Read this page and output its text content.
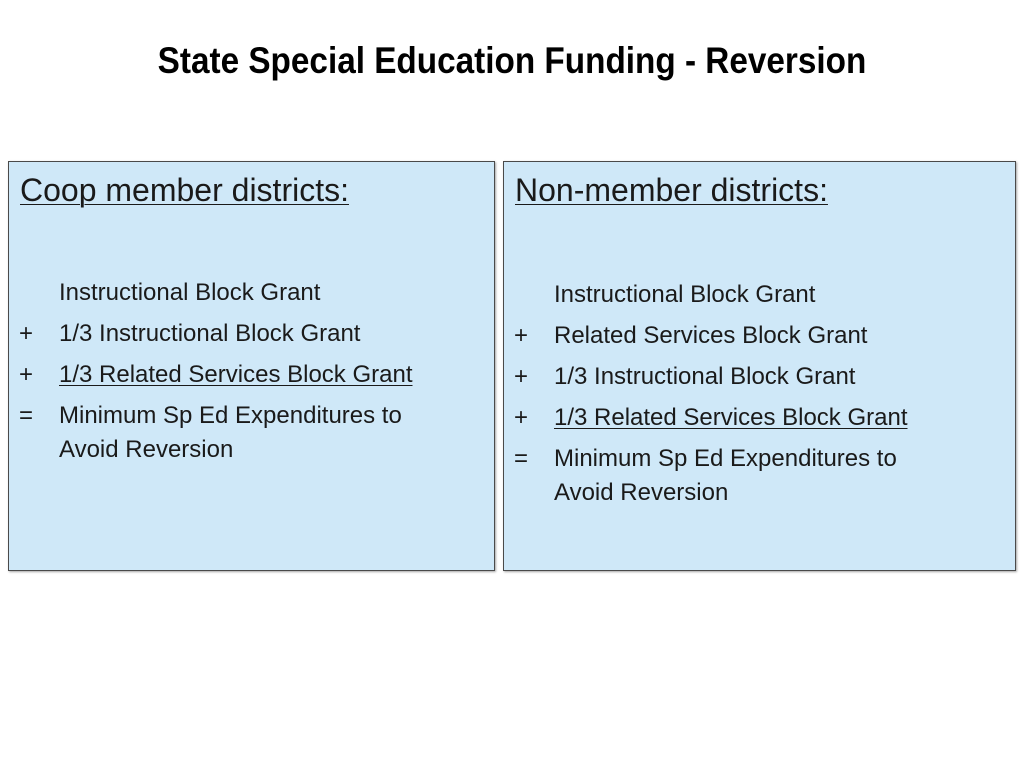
State Special Education Funding - Reversion
Coop member districts:
Instructional Block Grant
+ 1/3 Instructional Block Grant
+ 1/3 Related Services Block Grant
= Minimum Sp Ed Expenditures to
Avoid Reversion
Non-member districts:
Instructional Block Grant
+ Related Services Block Grant
+ 1/3 Instructional Block Grant
+ 1/3 Related Services Block Grant
= Minimum Sp Ed Expenditures to
Avoid Reversion
